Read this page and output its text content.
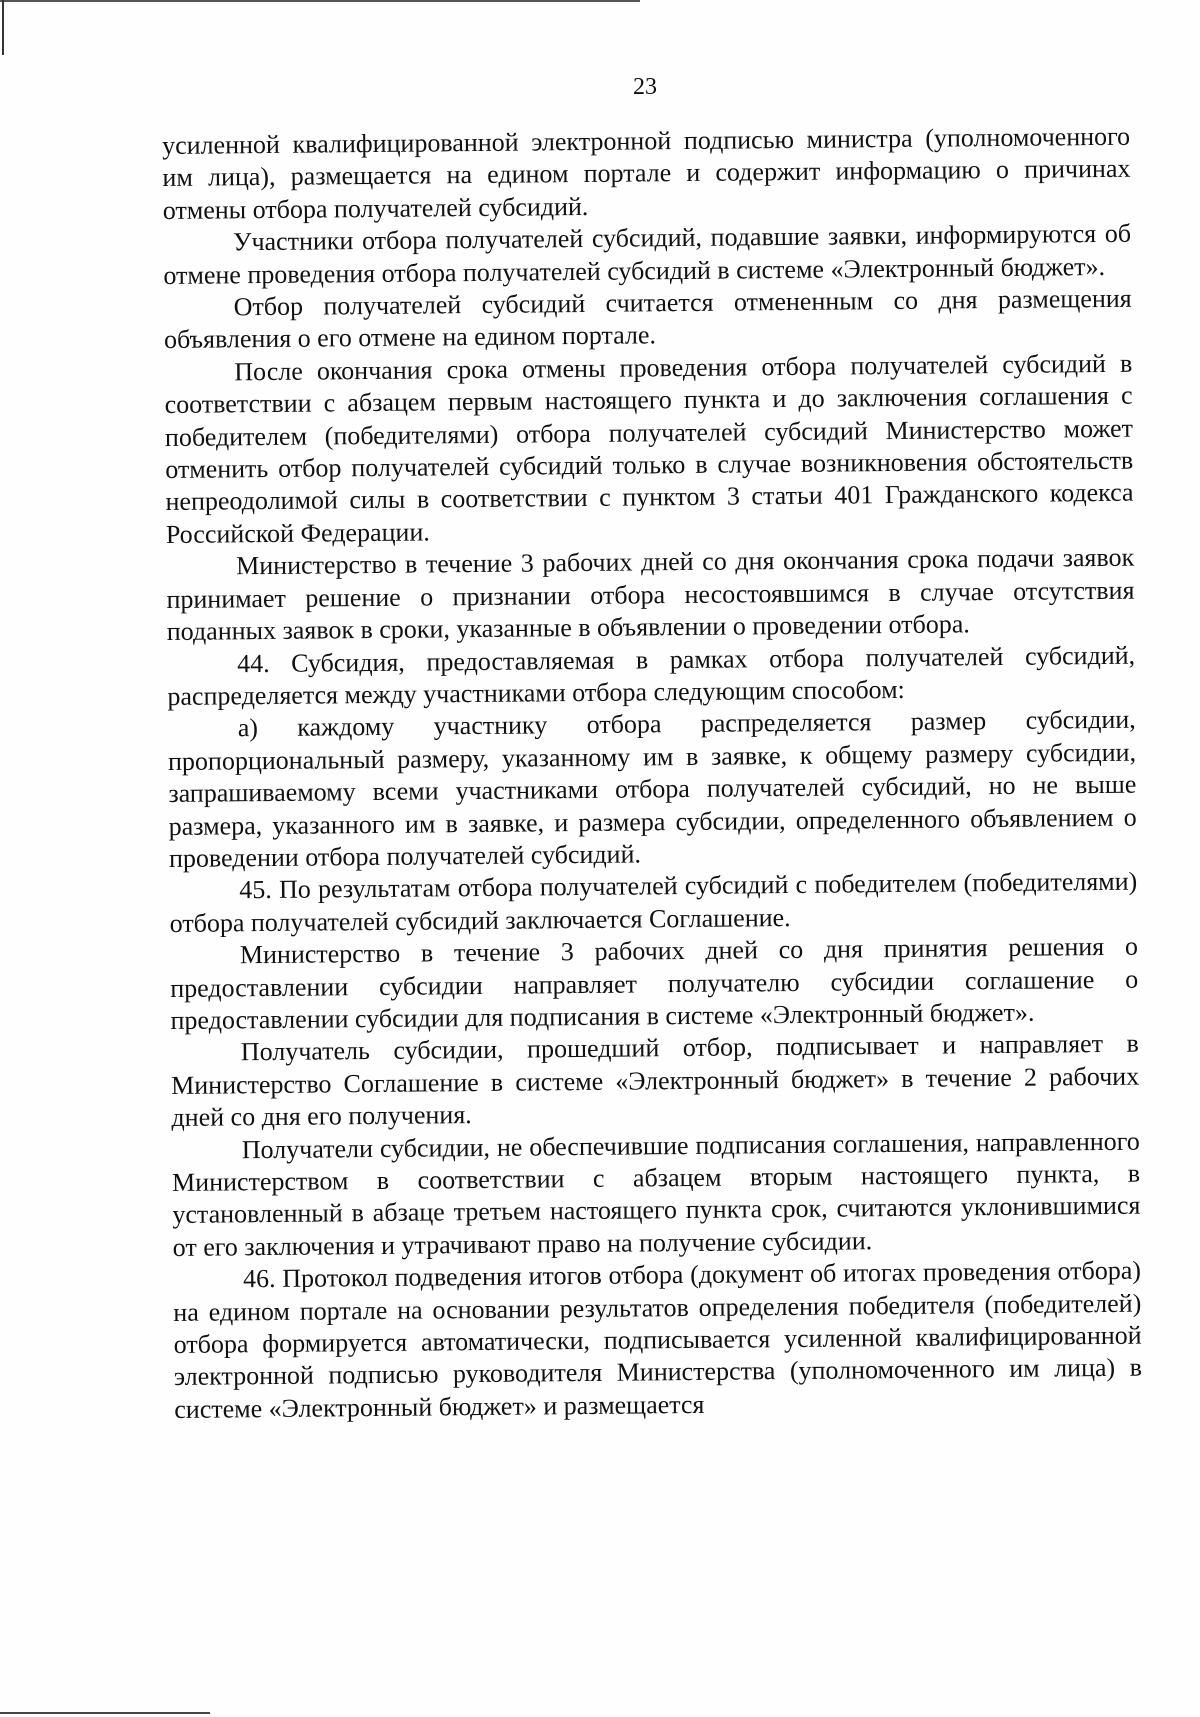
23

усиленной квалифицированной электронной подписью министра (уполномоченного им лица), размещается на едином портале и содержит информацию о причинах отмены отбора получателей субсидий.

Участники отбора получателей субсидий, подавшие заявки, информируются об отмене проведения отбора получателей субсидий в системе «Электронный бюджет».

Отбор получателей субсидий считается отмененным со дня размещения объявления о его отмене на едином портале.

После окончания срока отмены проведения отбора получателей субсидий в соответствии с абзацем первым настоящего пункта и до заключения соглашения с победителем (победителями) отбора получателей субсидий Министерство может отменить отбор получателей субсидий только в случае возникновения обстоятельств непреодолимой силы в соответствии с пунктом 3 статьи 401 Гражданского кодекса Российской Федерации.

Министерство в течение 3 рабочих дней со дня окончания срока подачи заявок принимает решение о признании отбора несостоявшимся в случае отсутствия поданных заявок в сроки, указанные в объявлении о проведении отбора.

44. Субсидия, предоставляемая в рамках отбора получателей субсидий, распределяется между участниками отбора следующим способом:

а) каждому участнику отбора распределяется размер субсидии, пропорциональный размеру, указанному им в заявке, к общему размеру субсидии, запрашиваемому всеми участниками отбора получателей субсидий, но не выше размера, указанного им в заявке, и размера субсидии, определенного объявлением о проведении отбора получателей субсидий.

45. По результатам отбора получателей субсидий с победителем (победителями) отбора получателей субсидий заключается Соглашение.

Министерство в течение 3 рабочих дней со дня принятия решения о предоставлении субсидии направляет получателю субсидии соглашение о предоставлении субсидии для подписания в системе «Электронный бюджет».

Получатель субсидии, прошедший отбор, подписывает и направляет в Министерство Соглашение в системе «Электронный бюджет» в течение 2 рабочих дней со дня его получения.

Получатели субсидии, не обеспечившие подписания соглашения, направленного Министерством в соответствии с абзацем вторым настоящего пункта, в установленный в абзаце третьем настоящего пункта срок, считаются уклонившимися от его заключения и утрачивают право на получение субсидии.

46. Протокол подведения итогов отбора (документ об итогах проведения отбора) на едином портале на основании результатов определения победителя (победителей) отбора формируется автоматически, подписывается усиленной квалифицированной электронной подписью руководителя Министерства (уполномоченного им лица) в системе «Электронный бюджет» и размещается
